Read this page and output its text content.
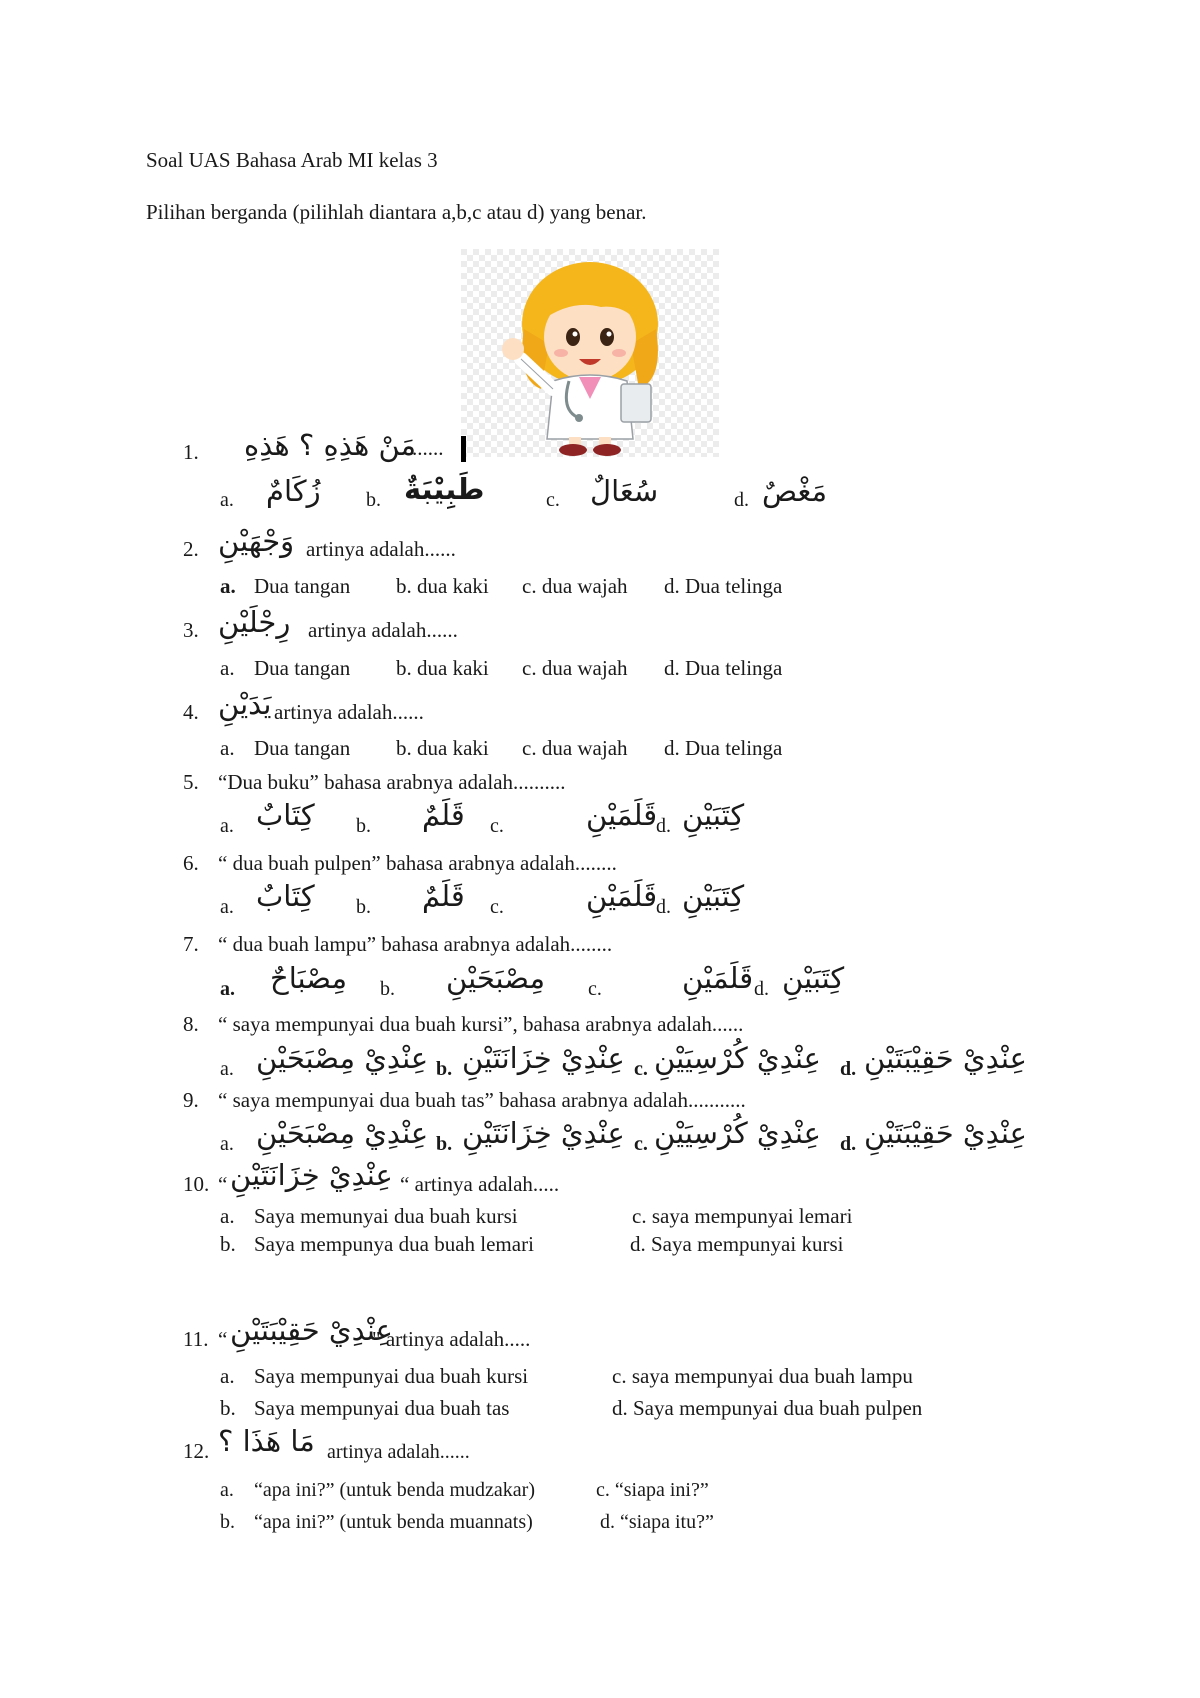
Soal UAS Bahasa Arab MI kelas 3
Pilihan berganda (pilihlah diantara a,b,c atau d) yang benar.
1. مَنْ هَذِهِ ؟ هَذِهِ
......
a. زُكَامٌ b. طَبِيْبَةٌ	c. سُعَالٌ	d. مَغْصٌ
2. وَجْهَيْنِ artinya adalah......
a. Dua tangan b. dua kaki c. dua wajah d. Dua telinga
3. رِجْلَيْنِ artinya adalah......
a. Dua tangan b. dua kaki c. dua wajah d. Dua telinga
4. يَدَيْنِ artinya adalah......
a. Dua tangan b. dua kaki c. dua wajah d. Dua telinga
5. “Dua buku” bahasa arabnya adalah..........
a. كِتَابٌ b. قَلَمٌ c.	قَلَمَيْنِ
d. كِتَبَيْنِ
6. “ dua buah pulpen” bahasa arabnya adalah........
a. كِتَابٌ b. قَلَمٌ c.	قَلَمَيْنِ
d. كِتَبَيْنِ
7. “ dua buah lampu” bahasa arabnya adalah........
a. مِصْبَاحٌ b. مِصْبَحَيْنِ c.	قَلَمَيْنِ d. كِتَبَيْنِ
8. “ saya mempunyai dua buah kursi”, bahasa arabnya adalah......
a. عِنْدِيْ مِصْبَحَيْنِ b. عِنْدِيْ خِزَانَتَيْنِ c. عِنْدِيْ كُرْسِيَيْنِ d. عِنْدِيْ حَقِيْبَتَيْنِ
9. “ saya mempunyai dua buah tas” bahasa arabnya adalah...........
a. عِنْدِيْ مِصْبَحَيْنِ b. عِنْدِيْ خِزَانَتَيْنِ c. عِنْدِيْ كُرْسِيَيْنِ d. عِنْدِيْ حَقِيْبَتَيْنِ
10. “ عِنْدِيْ خِزَانَتَيْنِ “ artinya adalah.....
a. Saya memunyai dua buah kursi	c. saya mempunyai lemari
b. Saya mempunya dua buah lemari	d. Saya mempunyai kursi
11. “ عِنْدِيْ حَقِيْبَتَيْنِ
" artinya adalah.....
a. Saya mempunyai dua buah kursi	c. saya mempunyai dua buah lampu
b. Saya mempunyai dua buah tas	d. Saya mempunyai dua buah pulpen
12. مَا هَذَا ؟ artinya adalah......
a. “apa ini?” (untuk benda mudzakar)	c. “siapa ini?”
b. “apa ini?” (untuk benda muannats)	d. “siapa itu?”
